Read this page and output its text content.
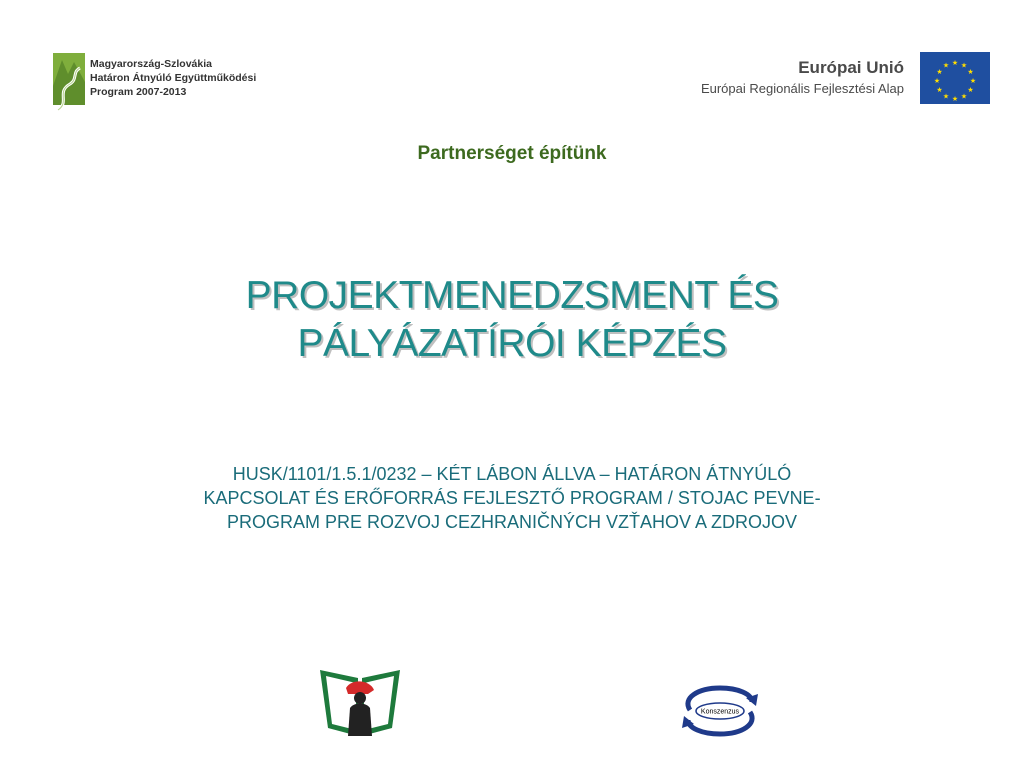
Magyarország-Szlovákia
Határon Átnyúló Együttműködési
Program 2007-2013
Európai Unió
Európai Regionális Fejlesztési Alap
★ ★
★
★
★
★
★
★
★
★
★
★
Partnerséget építünk
PROJEKTMENEDZSMENT ÉS
PÁLYÁZATÍRÓI KÉPZÉS
HUSK/1101/1.5.1/0232 – KÉT LÁBON ÁLLVA – HATÁRON ÁTNYÚLÓ
KAPCSOLAT ÉS ERŐFORRÁS FEJLESZTŐ PROGRAM / STOJAC PEVNE-
PROGRAM PRE ROZVOJ CEZHRANIČNÝCH VZŤAHOV A ZDROJOV
Konszenzus
